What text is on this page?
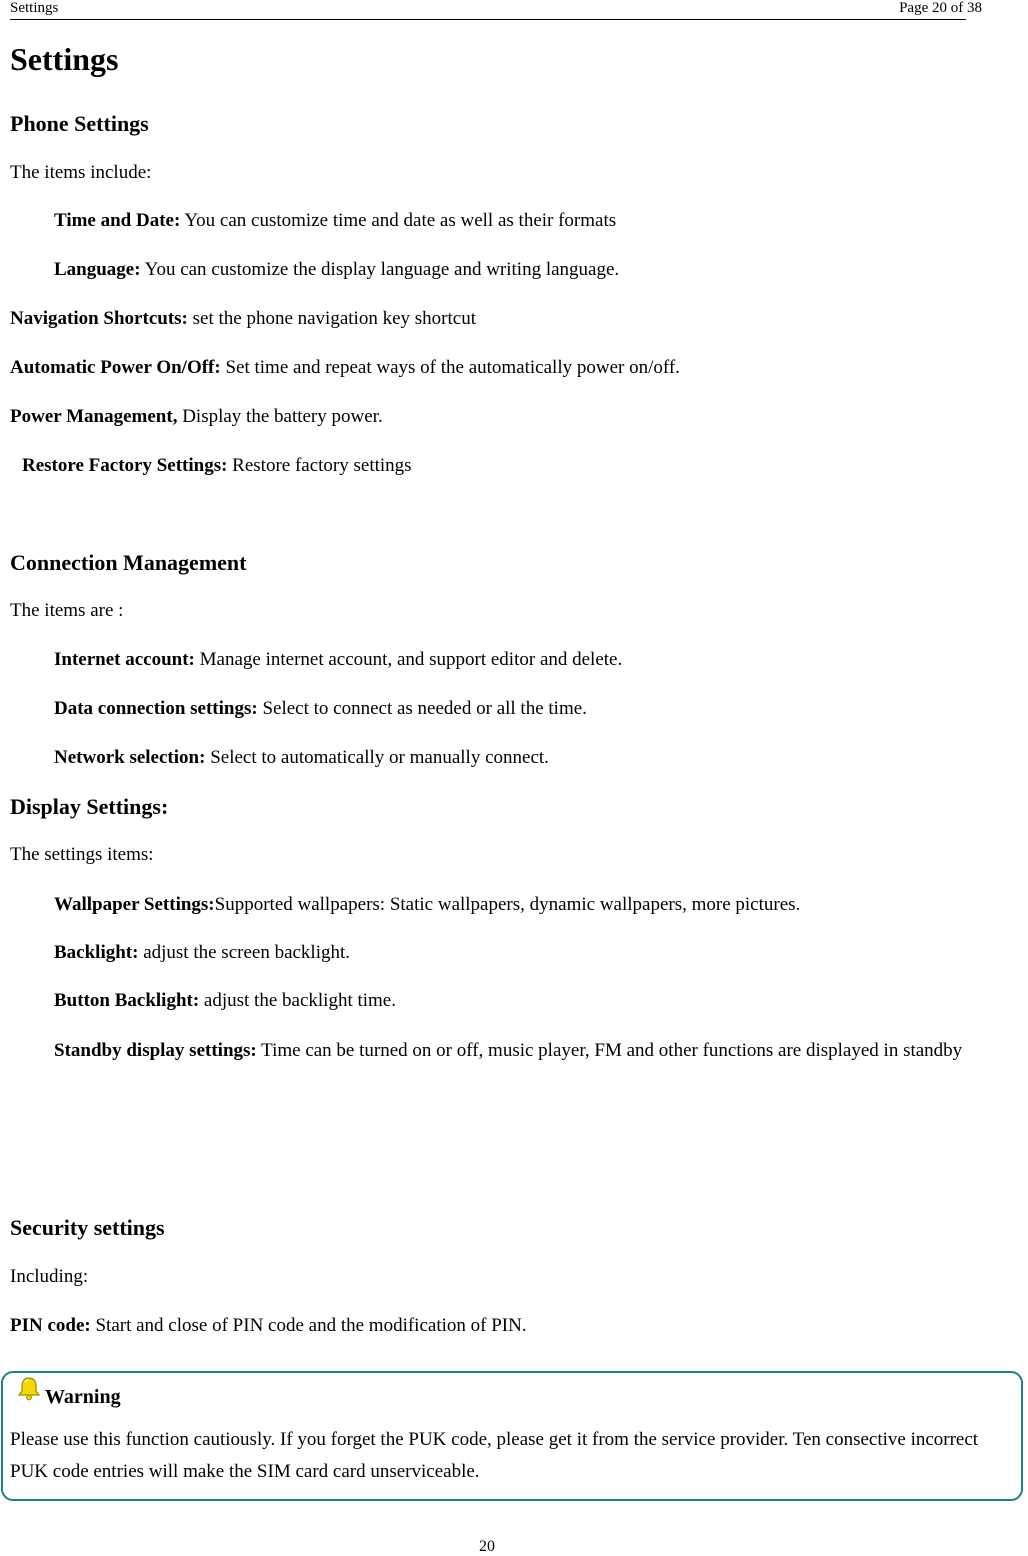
Settings	Page 20 of 38
Settings
Phone Settings
The items include:
Time and Date: You can customize time and date as well as their formats
Language: You can customize the display language and writing language.
Navigation Shortcuts: set the phone navigation key shortcut
Automatic Power On/Off: Set time and repeat ways of the automatically power on/off.
Power Management, Display the battery power.
Restore Factory Settings: Restore factory settings
Connection Management
The items are :
Internet account: Manage internet account, and support editor and delete.
Data connection settings: Select to connect as needed or all the time.
Network selection: Select to automatically or manually connect.
Display Settings:
The settings items:
Wallpaper Settings:Supported wallpapers: Static wallpapers, dynamic wallpapers, more pictures.
Backlight: adjust the screen backlight.
Button Backlight: adjust the backlight time.
Standby display settings: Time can be turned on or off, music player, FM and other functions are displayed in standby
Security settings
Including:
PIN code: Start and close of PIN code and the modification of PIN.
Warning
Please use this function cautiously. If you forget the PUK code, please get it from the service provider. Ten consective incorrect PUK code entries will make the SIM card card unserviceable.
20
